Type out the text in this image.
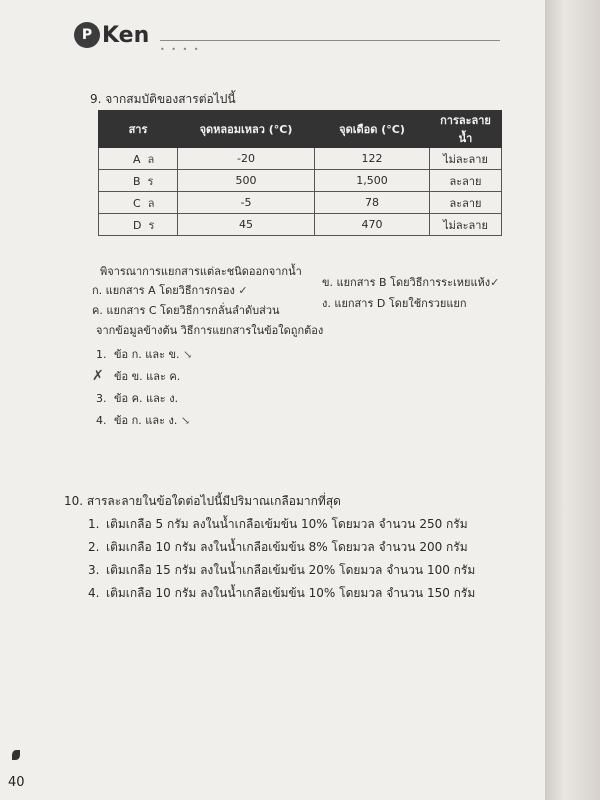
P Ken
• • • •
9. จากสมบัติของสารต่อไปนี้
สาร	จุดหลอมเหลว (°C)	จุดเดือด (°C)	การละลายน้ำ
A ล	-20	122	ไม่ละลาย
B ร	500	1,500	ละลาย
C ล	-5	78	ละลาย
D ร	45	470	ไม่ละลาย
พิจารณาการแยกสารแต่ละชนิดออกจากน้ำ
ก. แยกสาร A โดยวิธีการกรอง ✓
ข. แยกสาร B โดยวิธีการระเหยแห้ง✓
ค. แยกสาร C โดยวิธีการกลั่นลำดับส่วน
ง. แยกสาร D โดยใช้กรวยแยก
จากข้อมูลข้างต้น วิธีการแยกสารในข้อใดถูกต้อง
1. ข้อ ก. และ ข. ↘
✗ ข้อ ข. และ ค.
3. ข้อ ค. และ ง.
4. ข้อ ก. และ ง. ↘
10. สารละลายในข้อใดต่อไปนี้มีปริมาณเกลือมากที่สุด
1. เติมเกลือ 5 กรัม ลงในน้ำเกลือเข้มข้น 10% โดยมวล จำนวน 250 กรัม
2. เติมเกลือ 10 กรัม ลงในน้ำเกลือเข้มข้น 8% โดยมวล จำนวน 200 กรัม
3. เติมเกลือ 15 กรัม ลงในน้ำเกลือเข้มข้น 20% โดยมวล จำนวน 100 กรัม
4. เติมเกลือ 10 กรัม ลงในน้ำเกลือเข้มข้น 10% โดยมวล จำนวน 150 กรัม
40
